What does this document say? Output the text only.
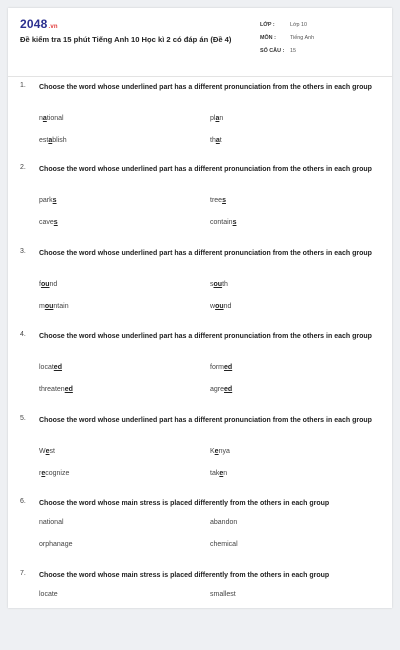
2048.vn
Đề kiểm tra 15 phút Tiếng Anh 10 Học kì 2 có đáp án (Đề 4)
LỚP :	Lớp 10
MÔN :	Tiếng Anh
SỐ CÂU :	15
1.	Choose the word whose underlined part has a different pronunciation from the others in each group
national	plan
establish	that
2.	Choose the word whose underlined part has a different pronunciation from the others in each group
parks	trees
caves	contains
3.	Choose the word whose underlined part has a different pronunciation from the others in each group
found	south
mountain	wound
4.	Choose the word whose underlined part has a different pronunciation from the others in each group
located	formed
threatened	agreed
5.	Choose the word whose underlined part has a different pronunciation from the others in each group
West	Kenya
recognize	taken
6.	Choose the word whose main stress is placed differently from the others in each group
national	abandon
orphanage	chemical
7.	Choose the word whose main stress is placed differently from the others in each group
locate	smallest
